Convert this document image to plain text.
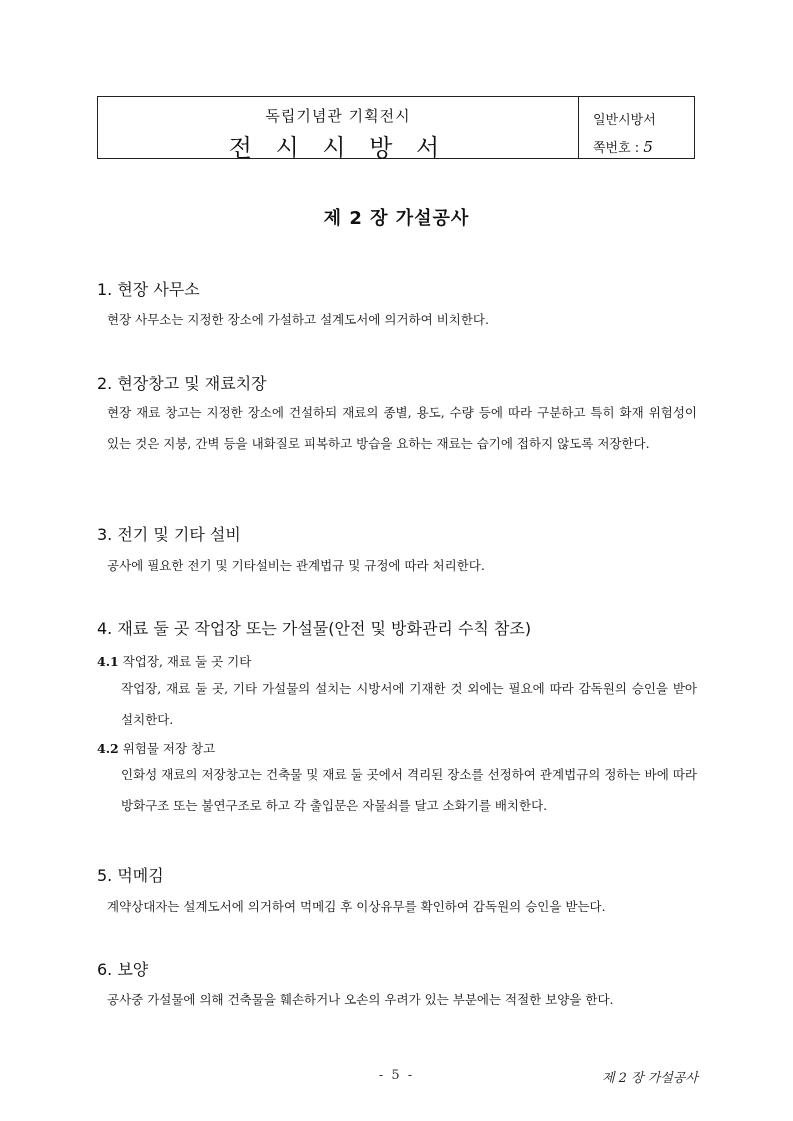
독립기념관 기획전시
전 시 시 방 서
일반시방서
쪽번호 : 5
제 2 장 가설공사
1. 현장 사무소
현장 사무소는 지정한 장소에 가설하고 설계도서에 의거하여 비치한다.
2. 현장창고 및 재료치장
현장 재료 창고는 지정한 장소에 건설하되 재료의 종별, 용도, 수량 등에 따라 구분하고 특히 화재 위험성이 있는 것은 지붕, 간벽 등을 내화질로 피복하고 방습을 요하는 재료는 습기에 접하지 않도록 저장한다.
3. 전기 및 기타 설비
공사에 필요한 전기 및 기타설비는 관계법규 및 규정에 따라 처리한다.
4. 재료 둘 곳 작업장 또는 가설물(안전 및 방화관리 수칙 참조)
4.1 작업장, 재료 둘 곳 기타
작업장, 재료 둘 곳, 기타 가설물의 설치는 시방서에 기재한 것 외에는 필요에 따라 감독원의 승인을 받아 설치한다.
4.2 위험물 저장 창고
인화성 재료의 저장창고는 건축물 및 재료 둘 곳에서 격리된 장소를 선정하여 관계법규의 정하는 바에 따라 방화구조 또는 불연구조로 하고 각 출입문은 자물쇠를 달고 소화기를 배치한다.
5. 먹메김
계약상대자는 설계도서에 의거하여 먹메김 후 이상유무를 확인하여 감독원의 승인을 받는다.
6. 보양
공사중 가설물에 의해 건축물을 훼손하거나 오손의 우려가 있는 부분에는 적절한 보양을 한다.
- 5 -	제 2 장 가설공사
